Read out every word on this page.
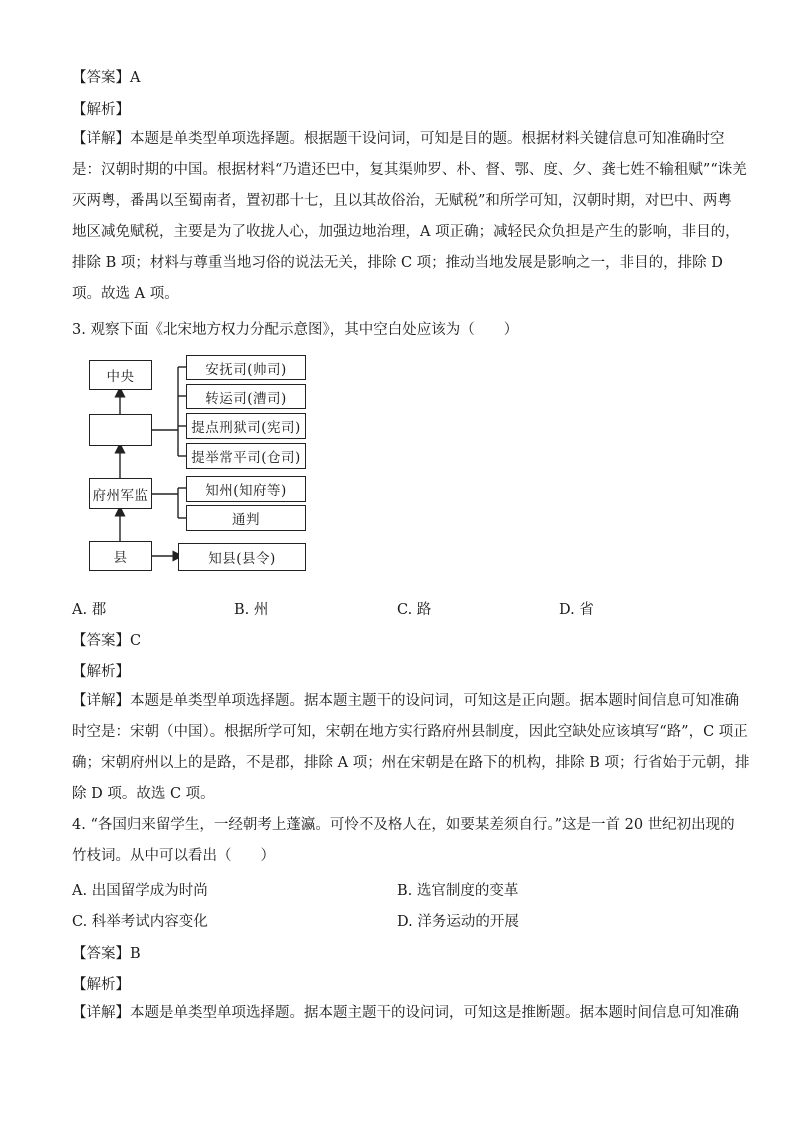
【答案】A
【解析】
【详解】本题是单类型单项选择题。根据题干设问词，可知是目的题。根据材料关键信息可知准确时空
是：汉朝时期的中国。根据材料“乃遣还巴中，复其渠帅罗、朴、督、鄂、度、夕、龚七姓不输租赋”“诛羌
灭两粤，番禺以至蜀南者，置初郡十七，且以其故俗治，无赋税”和所学可知，汉朝时期，对巴中、两粤
地区减免赋税，主要是为了收拢人心，加强边地治理，A 项正确；减轻民众负担是产生的影响，非目的，
排除 B 项；材料与尊重当地习俗的说法无关，排除 C 项；推动当地发展是影响之一，非目的，排除 D
项。故选 A 项。
3. 观察下面《北宋地方权力分配示意图》，其中空白处应该为（　　）
中央
府州军监
县
安抚司(帅司)
转运司(漕司)
提点刑狱司(宪司)
提举常平司(仓司)
知州(知府等)
通判
知县(县令)
A. 郡	B. 州	C. 路	D. 省
【答案】C
【解析】
【详解】本题是单类型单项选择题。据本题主题干的设问词，可知这是正向题。据本题时间信息可知准确
时空是：宋朝（中国）。根据所学可知，宋朝在地方实行路府州县制度，因此空缺处应该填写“路”，C 项正
确；宋朝府州以上的是路，不是郡，排除 A 项；州在宋朝是在路下的机构，排除 B 项；行省始于元朝，排
除 D 项。故选 C 项。
4. “各国归来留学生，一经朝考上蓬瀛。可怜不及格人在，如要某差须自行。”这是一首 20 世纪初出现的
竹枝词。从中可以看出（　　）
A. 出国留学成为时尚	B. 选官制度的变革
C. 科举考试内容变化	D. 洋务运动的开展
【答案】B
【解析】
【详解】本题是单类型单项选择题。据本题主题干的设问词，可知这是推断题。据本题时间信息可知准确
